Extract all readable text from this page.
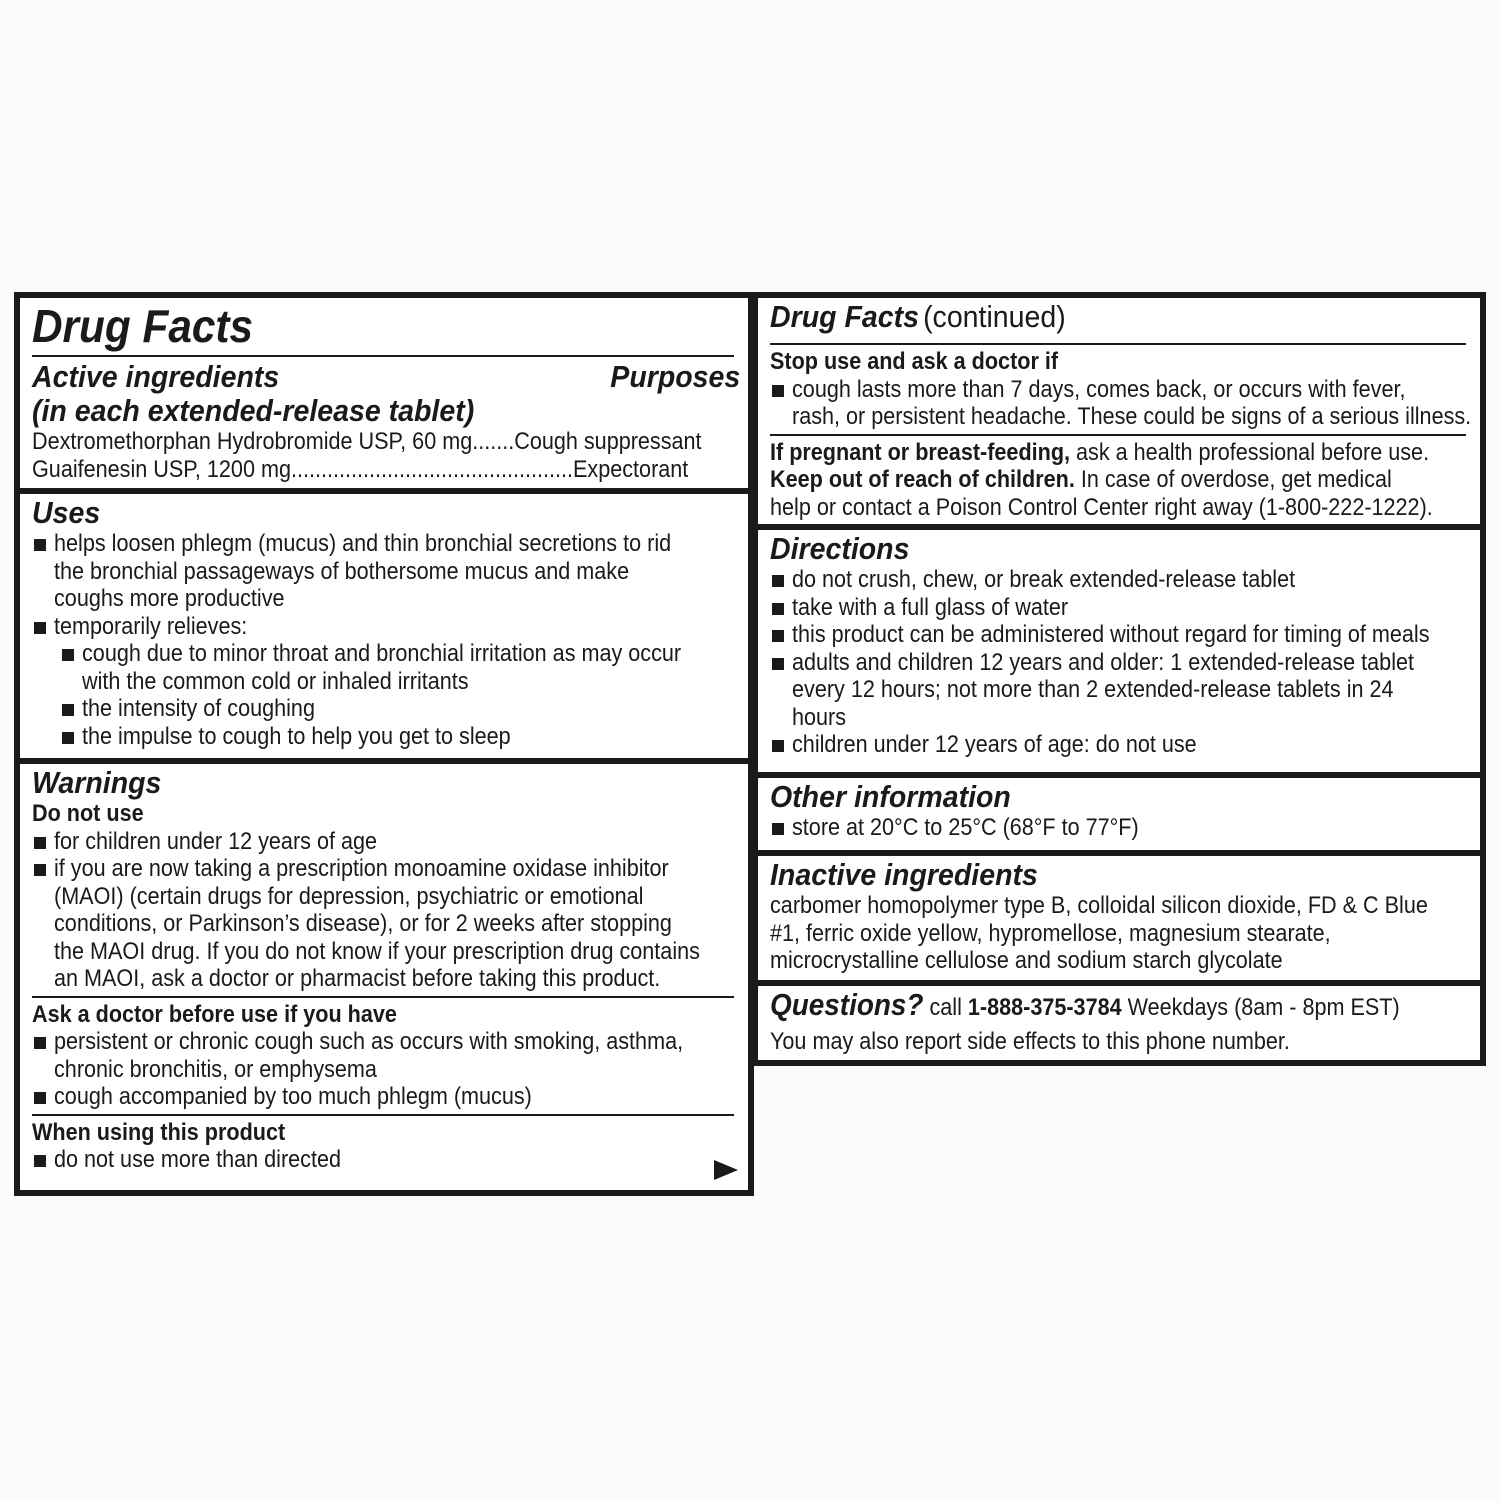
Drug Facts
Active ingredients	Purposes
(in each extended-release tablet)
Dextromethorphan Hydrobromide USP, 60 mg.......Cough suppressant
Guaifenesin USP, 1200 mg...............................................Expectorant
Uses
helps loosen phlegm (mucus) and thin bronchial secretions to rid
the bronchial passageways of bothersome mucus and make
coughs more productive
temporarily relieves:
cough due to minor throat and bronchial irritation as may occur
with the common cold or inhaled irritants
the intensity of coughing
the impulse to cough to help you get to sleep
Warnings
Do not use
for children under 12 years of age
if you are now taking a prescription monoamine oxidase inhibitor
(MAOI) (certain drugs for depression, psychiatric or emotional
conditions, or Parkinson’s disease), or for 2 weeks after stopping
the MAOI drug. If you do not know if your prescription drug contains
an MAOI, ask a doctor or pharmacist before taking this product.
Ask a doctor before use if you have
persistent or chronic cough such as occurs with smoking, asthma,
chronic bronchitis, or emphysema
cough accompanied by too much phlegm (mucus)
When using this product
do not use more than directed
Drug Facts (continued)
Stop use and ask a doctor if
cough lasts more than 7 days, comes back, or occurs with fever,
rash, or persistent headache. These could be signs of a serious illness.
If pregnant or breast-feeding, ask a health professional before use.
Keep out of reach of children. In case of overdose, get medical
help or contact a Poison Control Center right away (1-800-222-1222).
Directions
do not crush, chew, or break extended-release tablet
take with a full glass of water
this product can be administered without regard for timing of meals
adults and children 12 years and older: 1 extended-release tablet
every 12 hours; not more than 2 extended-release tablets in 24
hours
children under 12 years of age: do not use
Other information
store at 20°C to 25°C (68°F to 77°F)
Inactive ingredients
carbomer homopolymer type B, colloidal silicon dioxide, FD & C Blue
#1, ferric oxide yellow, hypromellose, magnesium stearate,
microcrystalline cellulose and sodium starch glycolate
Questions? call 1-888-375-3784 Weekdays (8am - 8pm EST)
You may also report side effects to this phone number.
